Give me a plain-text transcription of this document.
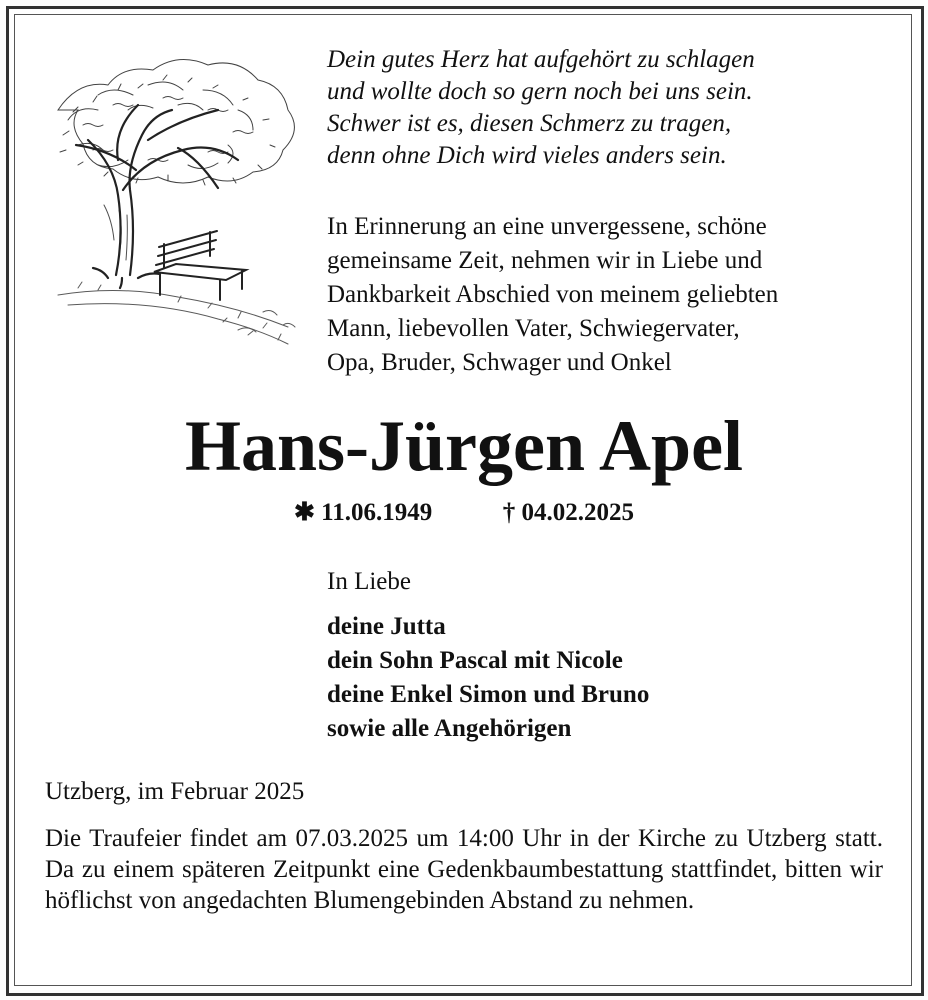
Dein gutes Herz hat aufgehört zu schlagen
und wollte doch so gern noch bei uns sein.
Schwer ist es, diesen Schmerz zu tragen,
denn ohne Dich wird vieles anders sein.
In Erinnerung an eine unvergessene, schöne
gemeinsame Zeit, nehmen wir in Liebe und
Dankbarkeit Abschied von meinem geliebten
Mann, liebevollen Vater, Schwiegervater,
Opa, Bruder, Schwager und Onkel
Hans-Jürgen Apel
✱ 11.06.1949	† 04.02.2025
In Liebe
deine Jutta
dein Sohn Pascal mit Nicole
deine Enkel Simon und Bruno
sowie alle Angehörigen
Utzberg, im Februar 2025
Die Traufeier findet am 07.03.2025 um 14:00 Uhr in der Kirche zu Utzberg statt. Da zu einem späteren Zeitpunkt eine Gedenkbaumbestattung stattfindet, bitten wir höflichst von angedachten Blumengebinden Abstand zu nehmen.
